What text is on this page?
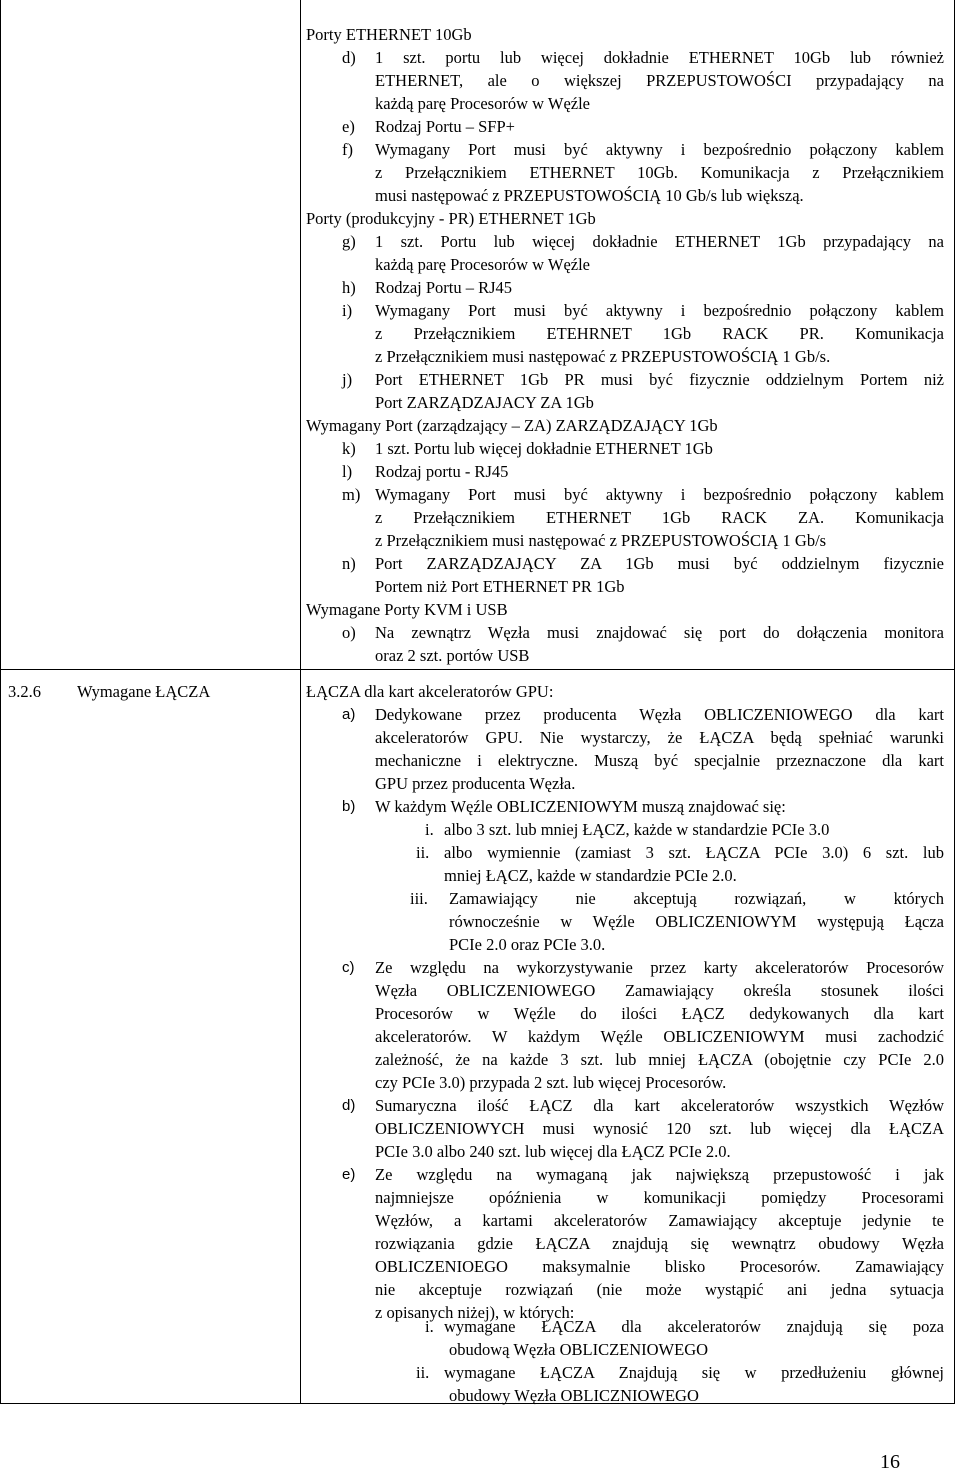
Porty ETHERNET 10Gb
d) 1 szt. portu lub więcej dokładnie ETHERNET 10Gb lub również
ETHERNET, ale o większej PRZEPUSTOWOŚCI przypadający na
każdą parę Procesorów w Węźle
e) Rodzaj Portu – SFP+
f) Wymagany Port musi być aktywny i bezpośrednio połączony kablem
z Przełącznikiem ETHERNET 10Gb. Komunikacja z Przełącznikiem
musi następować z PRZEPUSTOWOŚCIĄ 10 Gb/s lub większą.
Porty (produkcyjny - PR) ETHERNET 1Gb
g) 1 szt. Portu lub więcej dokładnie ETHERNET 1Gb przypadający na
każdą parę Procesorów w Węźle
h) Rodzaj Portu – RJ45
i) Wymagany Port musi być aktywny i bezpośrednio połączony kablem
z Przełącznikiem ETEHRNET 1Gb RACK PR. Komunikacja
z Przełącznikiem musi następować z PRZEPUSTOWOŚCIĄ 1 Gb/s.
j) Port ETHERNET 1Gb PR musi być fizycznie oddzielnym Portem niż
Port ZARZĄDZAJACY ZA 1Gb
Wymagany Port (zarządzający – ZA) ZARZĄDZAJĄCY 1Gb
k) 1 szt. Portu lub więcej dokładnie ETHERNET 1Gb
l) Rodzaj portu - RJ45
m) Wymagany Port musi być aktywny i bezpośrednio połączony kablem
z Przełącznikiem ETHERNET 1Gb RACK ZA. Komunikacja
z Przełącznikiem musi następować z PRZEPUSTOWOŚCIĄ 1 Gb/s
n) Port ZARZĄDZAJĄCY ZA 1Gb musi być oddzielnym fizycznie
Portem niż Port ETHERNET PR 1Gb
Wymagane Porty KVM i USB
o) Na zewnątrz Węzła musi znajdować się port do dołączenia monitora
oraz 2 szt. portów USB
3.2.6 Wymagane ŁĄCZA	ŁĄCZA dla kart akceleratorów GPU:
a) Dedykowane przez producenta Węzła OBLICZENIOWEGO dla kart
akceleratorów GPU. Nie wystarczy, że ŁĄCZA będą spełniać warunki
mechaniczne i elektryczne. Muszą być specjalnie przeznaczone dla kart
GPU przez producenta Węzła.
b) W każdym Węźle OBLICZENIOWYM muszą znajdować się:
i. albo 3 szt. lub mniej ŁĄCZ, każde w standardzie PCIe 3.0
ii. albo wymiennie (zamiast 3 szt. ŁĄCZA PCIe 3.0) 6 szt. lub
mniej ŁĄCZ, każde w standardzie PCIe 2.0.
iii. Zamawiający nie akceptują rozwiązań, w których
równocześnie w Węźle OBLICZENIOWYM występują Łącza
PCIe 2.0 oraz PCIe 3.0.
c) Ze względu na wykorzystywanie przez karty akceleratorów Procesorów
Węzła OBLICZENIOWEGO Zamawiający określa stosunek ilości
Procesorów w Węźle do ilości ŁĄCZ dedykowanych dla kart
akceleratorów. W każdym Węźle OBLICZENIOWYM musi zachodzić
zależność, że na każde 3 szt. lub mniej ŁĄCZA (obojętnie czy PCIe 2.0
czy PCIe 3.0) przypada 2 szt. lub więcej Procesorów.
d) Sumaryczna ilość ŁĄCZ dla kart akceleratorów wszystkich Węzłów
OBLICZENIOWYCH musi wynosić 120 szt. lub więcej dla ŁĄCZA
PCIe 3.0 albo 240 szt. lub więcej dla ŁĄCZ PCIe 2.0.
e) Ze względu na wymaganą jak największą przepustowość i jak
najmniejsze opóźnienia w komunikacji pomiędzy Procesorami
Węzłów, a kartami akceleratorów Zamawiający akceptuje jedynie te
rozwiązania gdzie ŁĄCZA znajdują się wewnątrz obudowy Węzła
OBLICZENIOEGO maksymalnie blisko Procesorów. Zamawiający
nie akceptuje rozwiązań (nie może wystąpić ani jedna sytuacja
z opisanych niżej), w których:
i. wymagane ŁĄCZA dla akceleratorów znajdują się poza
obudową Węzła OBLICZENIOWEGO
ii. wymagane ŁĄCZA Znajdują się w przedłużeniu głównej
obudowy Węzła OBLICZNIOWEGO
16
